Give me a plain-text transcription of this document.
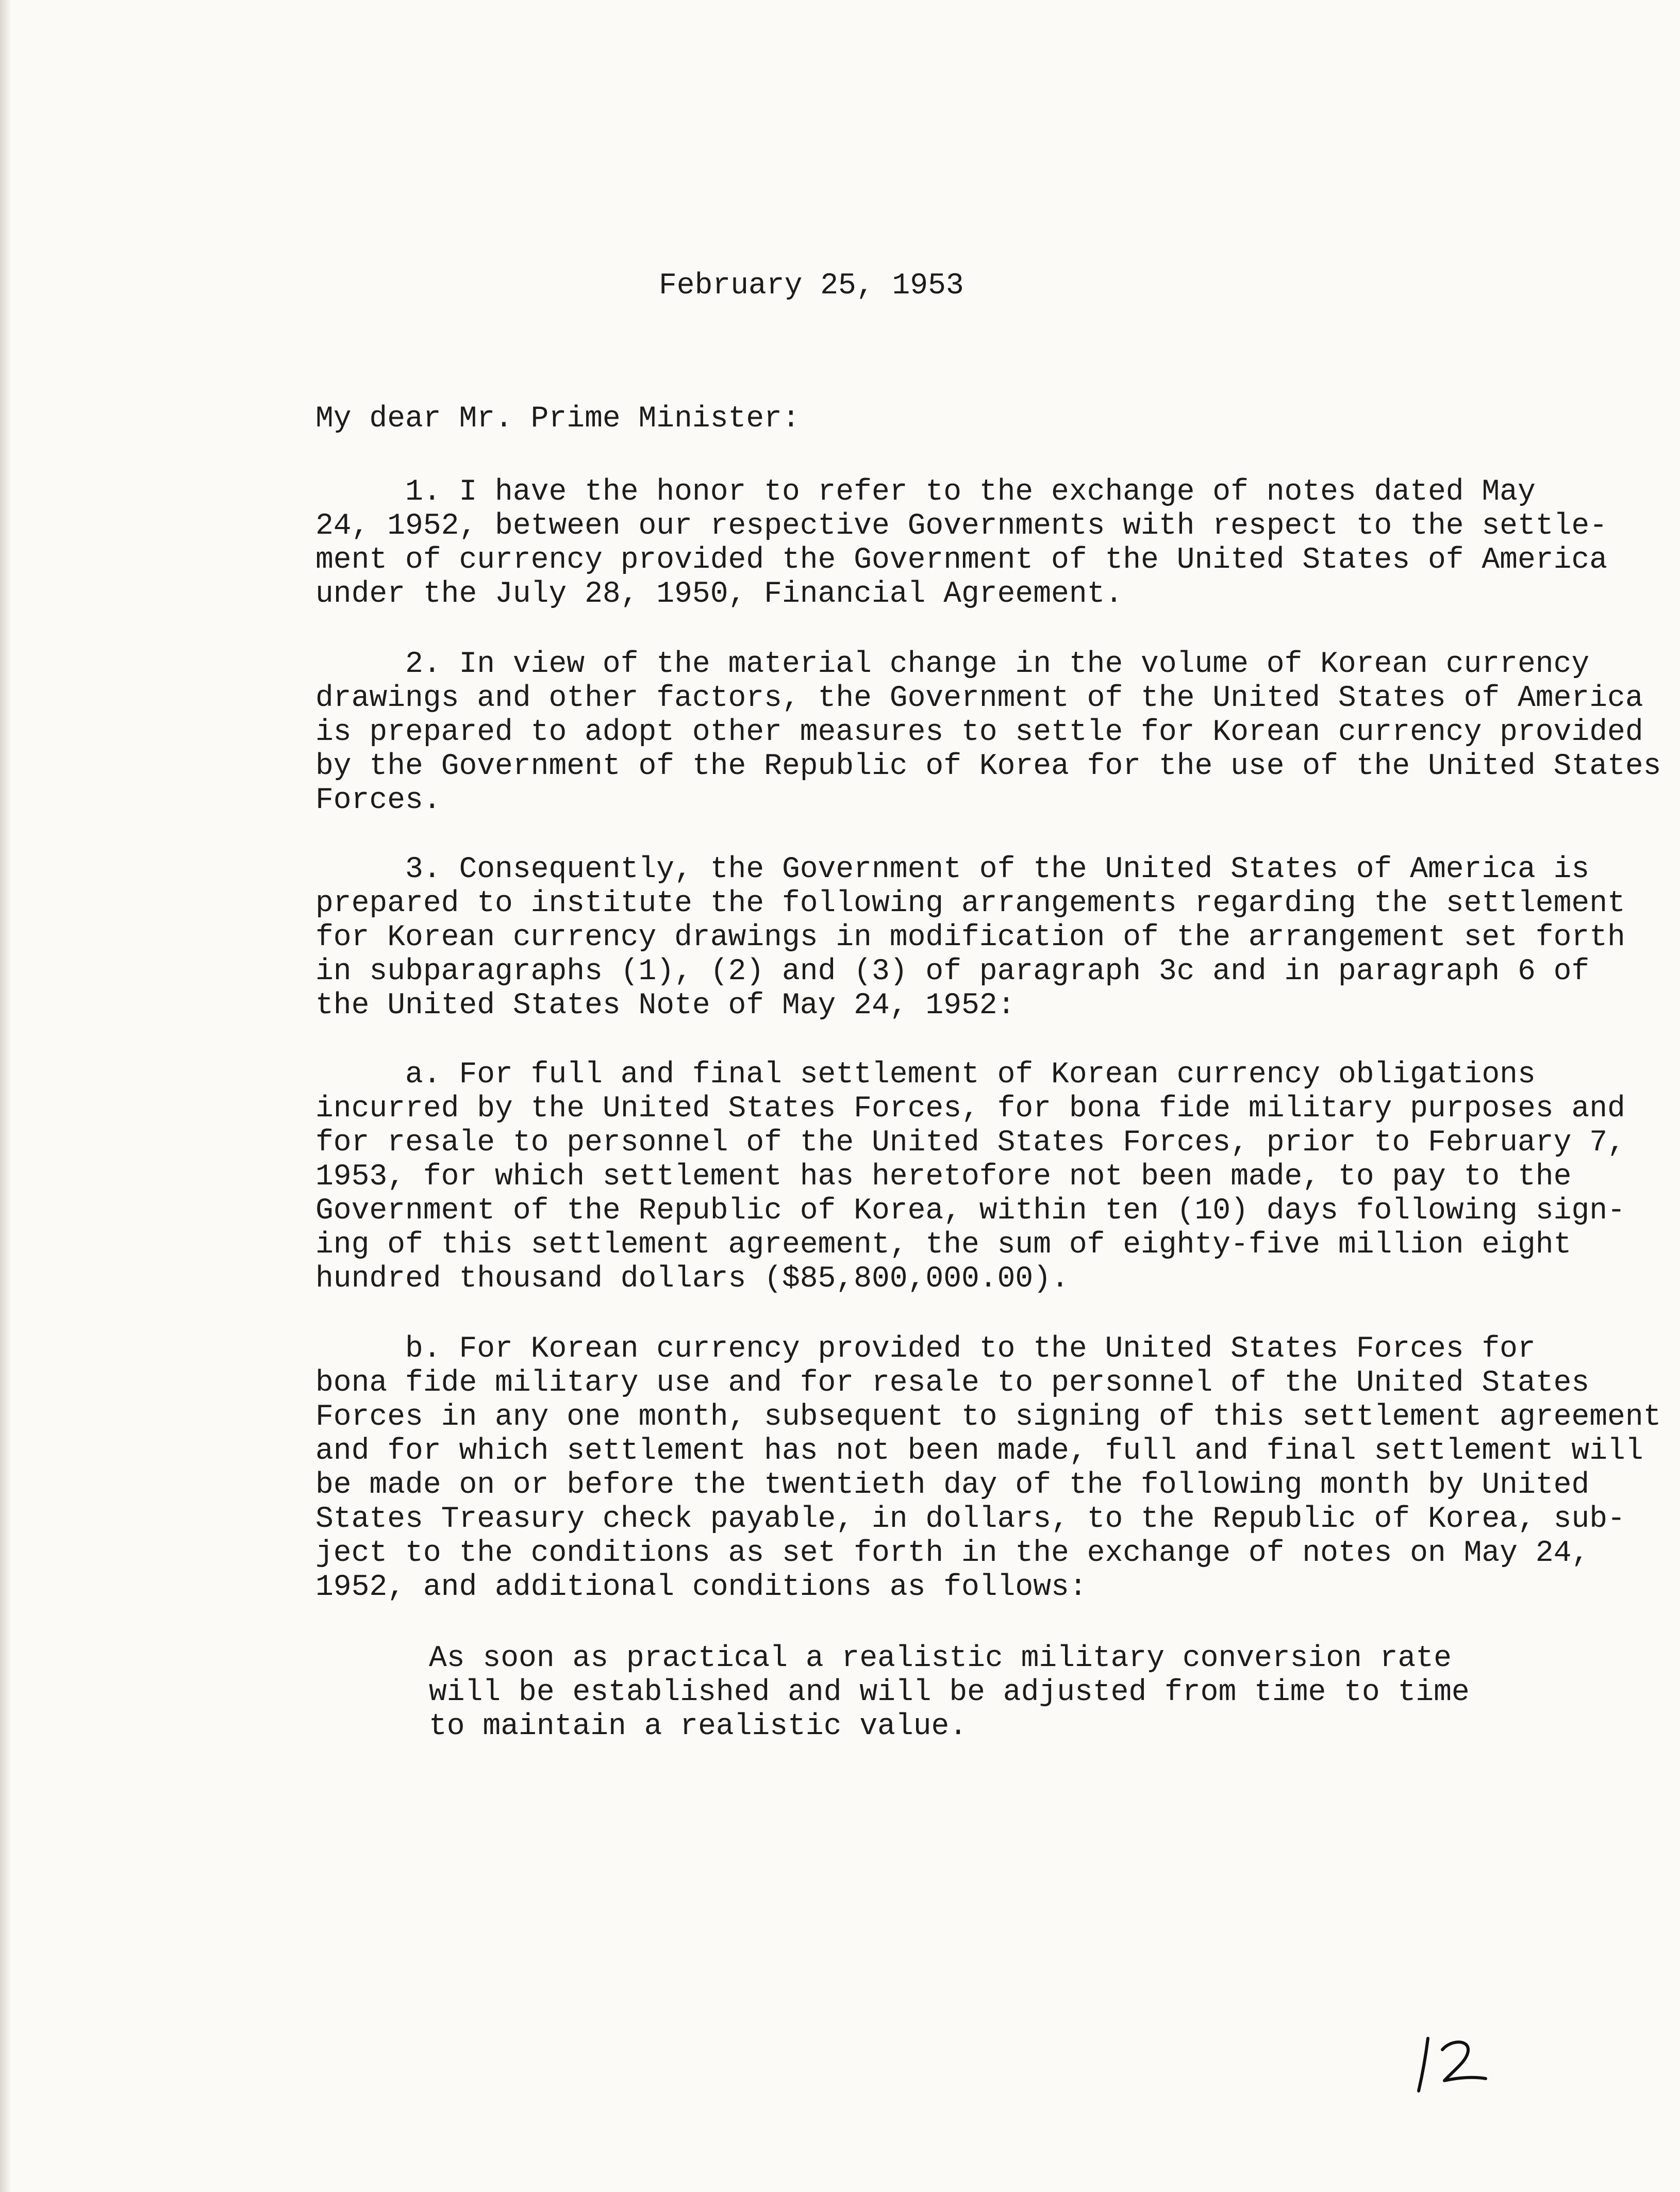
February 25, 1953
My dear Mr. Prime Minister:
1. I have the honor to refer to the exchange of notes dated May
24, 1952, between our respective Governments with respect to the settle-
ment of currency provided the Government of the United States of America
under the July 28, 1950, Financial Agreement.
2. In view of the material change in the volume of Korean currency
drawings and other factors, the Government of the United States of America
is prepared to adopt other measures to settle for Korean currency provided
by the Government of the Republic of Korea for the use of the United States
Forces.
3. Consequently, the Government of the United States of America is
prepared to institute the following arrangements regarding the settlement
for Korean currency drawings in modification of the arrangement set forth
in subparagraphs (1), (2) and (3) of paragraph 3c and in paragraph 6 of
the United States Note of May 24, 1952:
a. For full and final settlement of Korean currency obligations
incurred by the United States Forces, for bona fide military purposes and
for resale to personnel of the United States Forces, prior to February 7,
1953, for which settlement has heretofore not been made, to pay to the
Government of the Republic of Korea, within ten (10) days following sign-
ing of this settlement agreement, the sum of eighty-five million eight
hundred thousand dollars ($85,800,000.00).
b. For Korean currency provided to the United States Forces for
bona fide military use and for resale to personnel of the United States
Forces in any one month, subsequent to signing of this settlement agreement
and for which settlement has not been made, full and final settlement will
be made on or before the twentieth day of the following month by United
States Treasury check payable, in dollars, to the Republic of Korea, sub-
ject to the conditions as set forth in the exchange of notes on May 24,
1952, and additional conditions as follows:
As soon as practical a realistic military conversion rate
will be established and will be adjusted from time to time
to maintain a realistic value.
